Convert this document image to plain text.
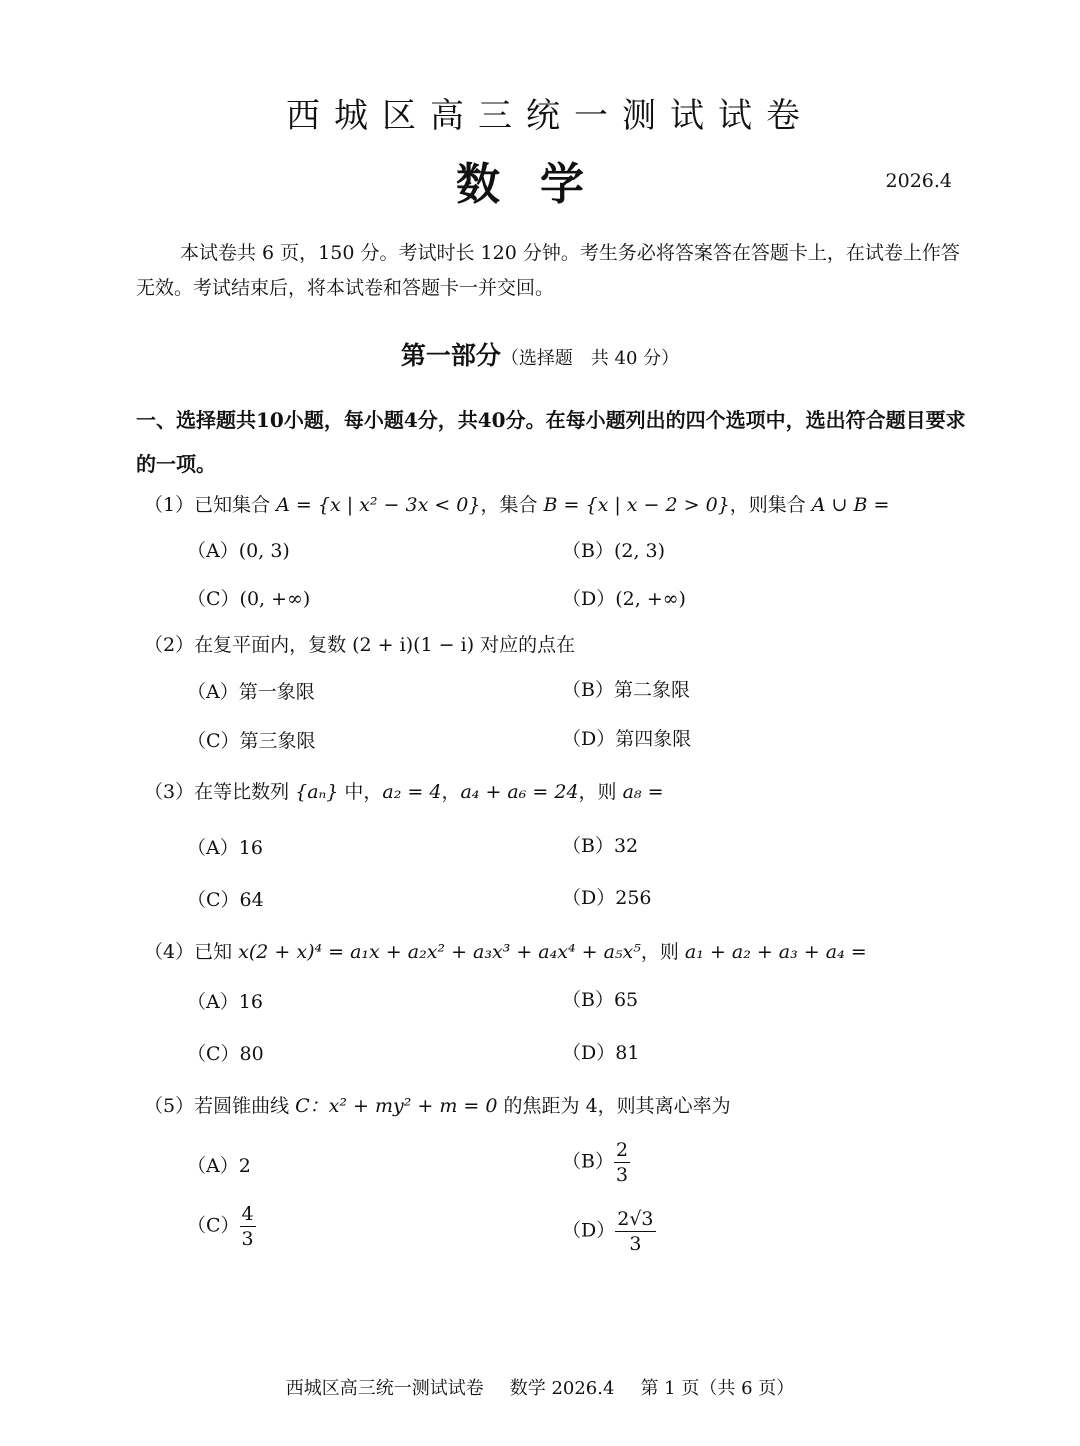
西城区高三统一测试试卷
数学	2026.4
本试卷共 6 页，150 分。考试时长 120 分钟。考生务必将答案答在答题卡上，在试卷上作答无效。考试结束后，将本试卷和答题卡一并交回。
第一部分（选择题　共 40 分）
一、选择题共10小题，每小题4分，共40分。在每小题列出的四个选项中，选出符合题目要求的一项。
（1）已知集合 A = {x | x² − 3x < 0}，集合 B = {x | x − 2 > 0}，则集合 A ∪ B =
（A）(0, 3)	（B）(2, 3)
（C）(0, +∞)	（D）(2, +∞)
（2）在复平面内，复数 (2 + i)(1 − i) 对应的点在
（A）第一象限	（B）第二象限
（C）第三象限	（D）第四象限
（3）在等比数列 {aₙ} 中，a₂ = 4，a₄ + a₆ = 24，则 a₈ =
（A）16	（B）32
（C）64	（D）256
（4）已知 x(2 + x)⁴ = a₁x + a₂x² + a₃x³ + a₄x⁴ + a₅x⁵，则 a₁ + a₂ + a₃ + a₄ =
（A）16	（B）65
（C）80	（D）81
（5）若圆锥曲线 C：x² + my² + m = 0 的焦距为 4，则其离心率为
（A）2	$(B) \frac{2}{3}$
$(C) \frac{4}{3}$	$(D) \frac{2√3}{3}$
西城区高三统一测试试卷 数学 2026.4 第 1 页（共 6 页）
